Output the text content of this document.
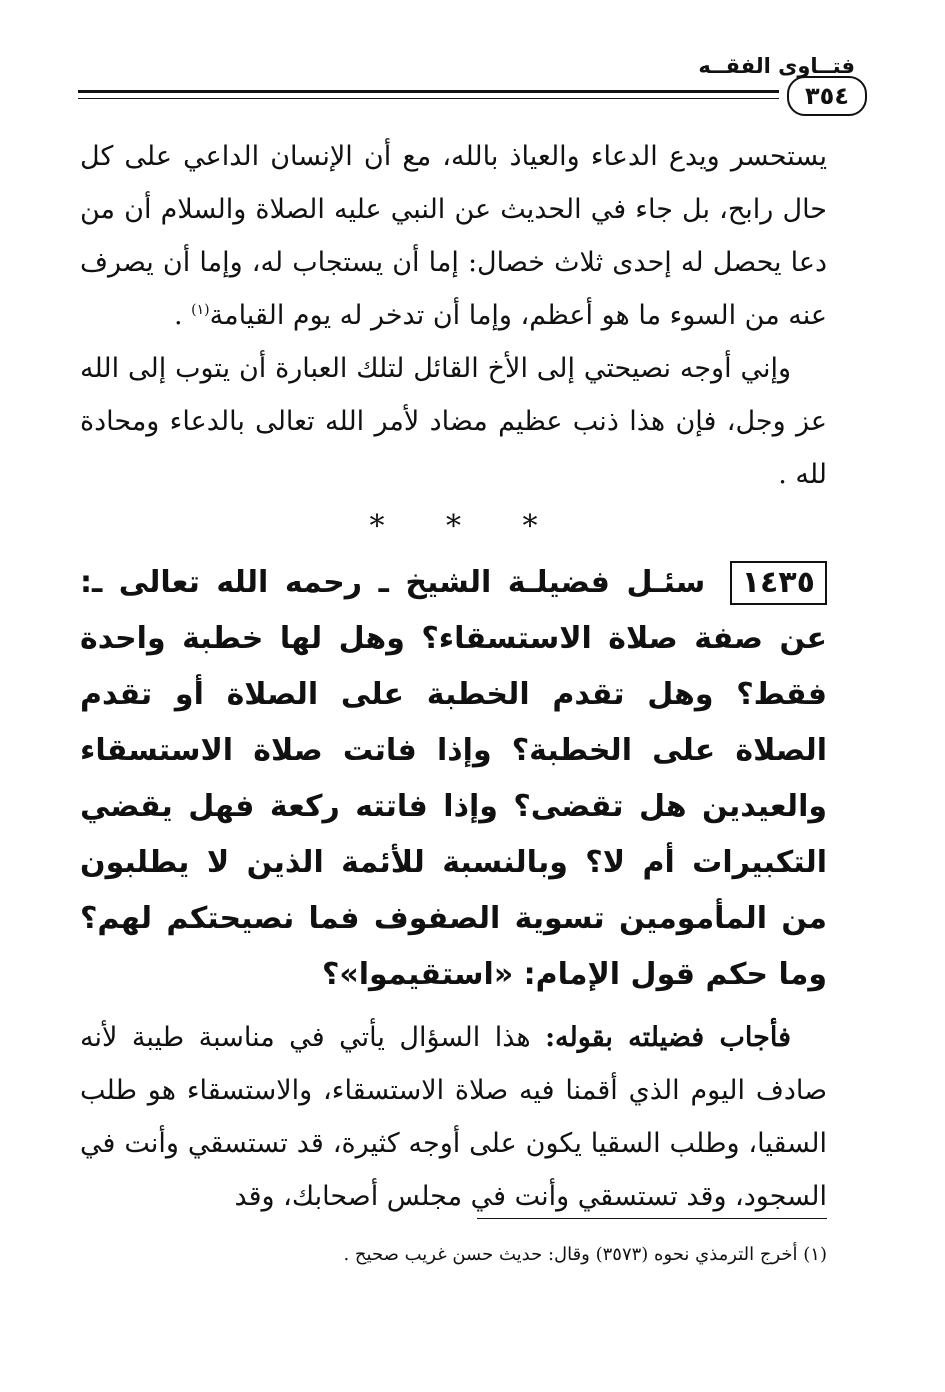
فتــاوى الفقــه
٣٥٤

يستحسر ويدع الدعاء والعياذ بالله، مع أن الإنسان الداعي على كل حال رابح، بل جاء في الحديث عن النبي عليه الصلاة والسلام أن من دعا يحصل له إحدى ثلاث خصال: إما أن يستجاب له، وإما أن يصرف عنه من السوء ما هو أعظم، وإما أن تدخر له يوم القيامة$^{(١)}$ .

وإني أوجه نصيحتي إلى الأخ القائل لتلك العبارة أن يتوب إلى الله عز وجل، فإن هذا ذنب عظيم مضاد لأمر الله تعالى بالدعاء ومحادة لله .

* * *

١٤٣٥ سئـل فضيلـة الشيخ ـ رحمه الله تعالى ـ: عن صفة صلاة الاستسقاء؟ وهل لها خطبة واحدة فقط؟ وهل تقدم الخطبة على الصلاة أو تقدم الصلاة على الخطبة؟ وإذا فاتت صلاة الاستسقاء والعيدين هل تقضى؟ وإذا فاتته ركعة فهل يقضي التكبيرات أم لا؟ وبالنسبة للأئمة الذين لا يطلبون من المأمومين تسوية الصفوف فما نصيحتكم لهم؟ وما حكم قول الإمام: «استقيموا»؟

فأجاب فضيلته بقوله: هذا السؤال يأتي في مناسبة طيبة لأنه صادف اليوم الذي أقمنا فيه صلاة الاستسقاء، والاستسقاء هو طلب السقيا، وطلب السقيا يكون على أوجه كثيرة، قد تستسقي وأنت في السجود، وقد تستسقي وأنت في مجلس أصحابك، وقد

(١) أخرج الترمذي نحوه (٣٥٧٣) وقال: حديث حسن غريب صحيح .
